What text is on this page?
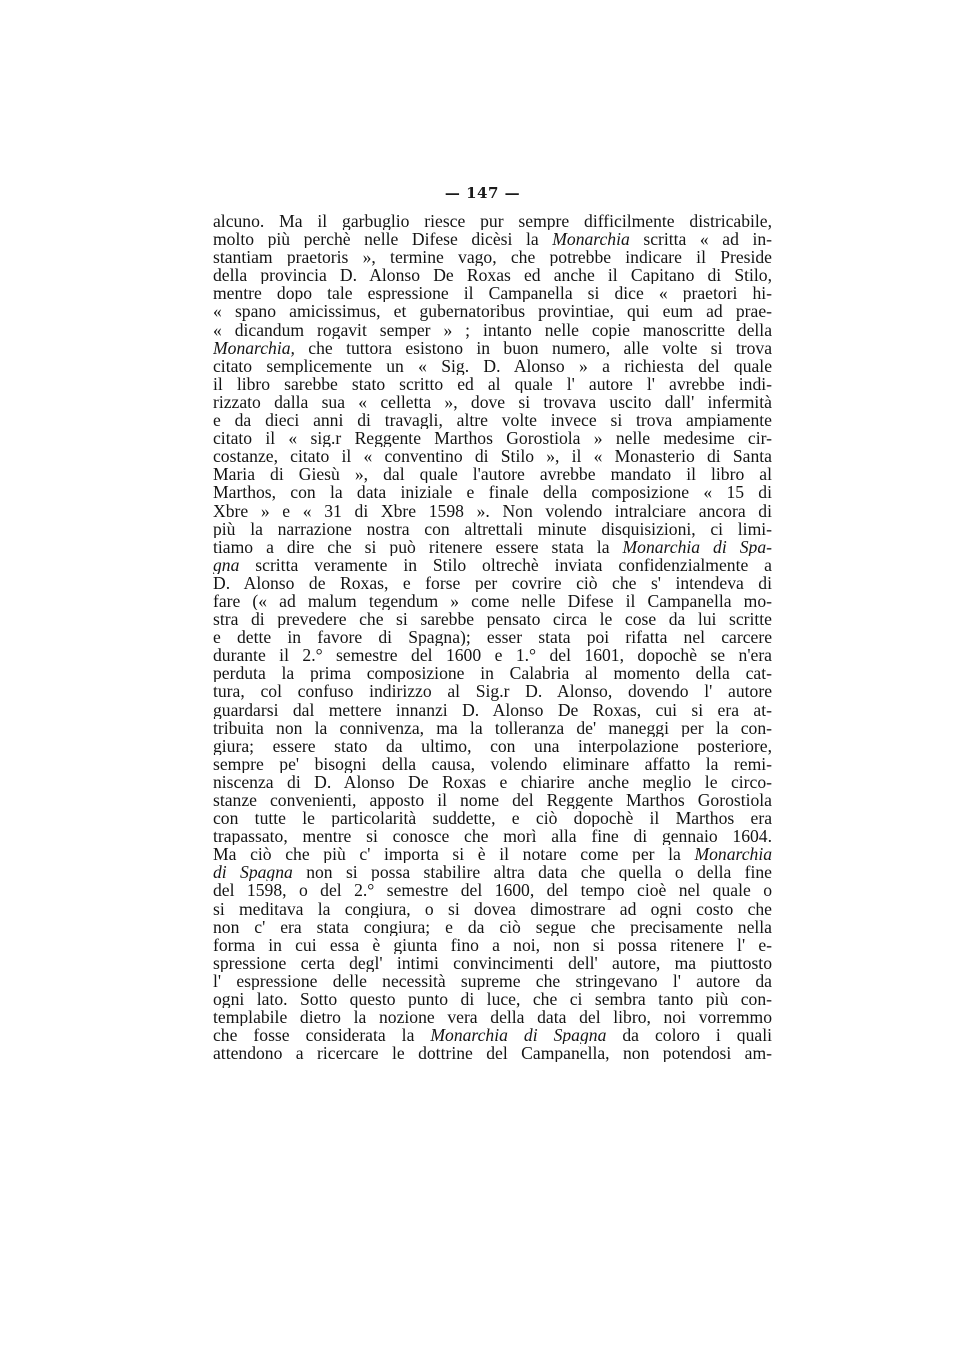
— 147 —
alcuno. Ma il garbuglio riesce pur sempre difficilmente districabile,
molto più perchè nelle Difese dicèsi la Monarchia scritta « ad in-
stantiam praetoris », termine vago, che potrebbe indicare il Preside
della provincia D. Alonso De Roxas ed anche il Capitano di Stilo,
mentre dopo tale espressione il Campanella si dice « praetori hi-
« spano amicissimus, et gubernatoribus provintiae, qui eum ad prae-
« dicandum rogavit semper » ; intanto nelle copie manoscritte della
Monarchia, che tuttora esistono in buon numero, alle volte si trova
citato semplicemente un « Sig. D. Alonso » a richiesta del quale
il libro sarebbe stato scritto ed al quale l' autore l' avrebbe indi-
rizzato dalla sua « celletta », dove si trovava uscito dall' infermità
e da dieci anni di travagli, altre volte invece si trova ampiamente
citato il « sig.r Reggente Marthos Gorostiola » nelle medesime cir-
costanze, citato il « conventino di Stilo », il « Monasterio di Santa
Maria di Giesù », dal quale l'autore avrebbe mandato il libro al
Marthos, con la data iniziale e finale della composizione « 15 di
Xbre » e « 31 di Xbre 1598 ». Non volendo intralciare ancora di
più la narrazione nostra con altrettali minute disquisizioni, ci limi-
tiamo a dire che si può ritenere essere stata la Monarchia di Spa-
gna scritta veramente in Stilo oltrechè inviata confidenzialmente a
D. Alonso de Roxas, e forse per covrire ciò che s' intendeva di
fare (« ad malum tegendum » come nelle Difese il Campanella mo-
stra di prevedere che si sarebbe pensato circa le cose da lui scritte
e dette in favore di Spagna); esser stata poi rifatta nel carcere
durante il 2.° semestre del 1600 e 1.° del 1601, dopochè se n'era
perduta la prima composizione in Calabria al momento della cat-
tura, col confuso indirizzo al Sig.r D. Alonso, dovendo l' autore
guardarsi dal mettere innanzi D. Alonso De Roxas, cui si era at-
tribuita non la connivenza, ma la tolleranza de' maneggi per la con-
giura; essere stato da ultimo, con una interpolazione posteriore,
sempre pe' bisogni della causa, volendo eliminare affatto la remi-
niscenza di D. Alonso De Roxas e chiarire anche meglio le circo-
stanze convenienti, apposto il nome del Reggente Marthos Gorostiola
con tutte le particolarità suddette, e ciò dopochè il Marthos era
trapassato, mentre si conosce che morì alla fine di gennaio 1604.
Ma ciò che più c' importa si è il notare come per la Monarchia
di Spagna non si possa stabilire altra data che quella o della fine
del 1598, o del 2.° semestre del 1600, del tempo cioè nel quale o
si meditava la congiura, o si dovea dimostrare ad ogni costo che
non c' era stata congiura; e da ciò segue che precisamente nella
forma in cui essa è giunta fino a noi, non si possa ritenere l' e-
spressione certa degl' intimi convincimenti dell' autore, ma piuttosto
l' espressione delle necessità supreme che stringevano l' autore da
ogni lato. Sotto questo punto di luce, che ci sembra tanto più con-
templabile dietro la nozione vera della data del libro, noi vorremmo
che fosse considerata la Monarchia di Spagna da coloro i quali
attendono a ricercare le dottrine del Campanella, non potendosi am-
